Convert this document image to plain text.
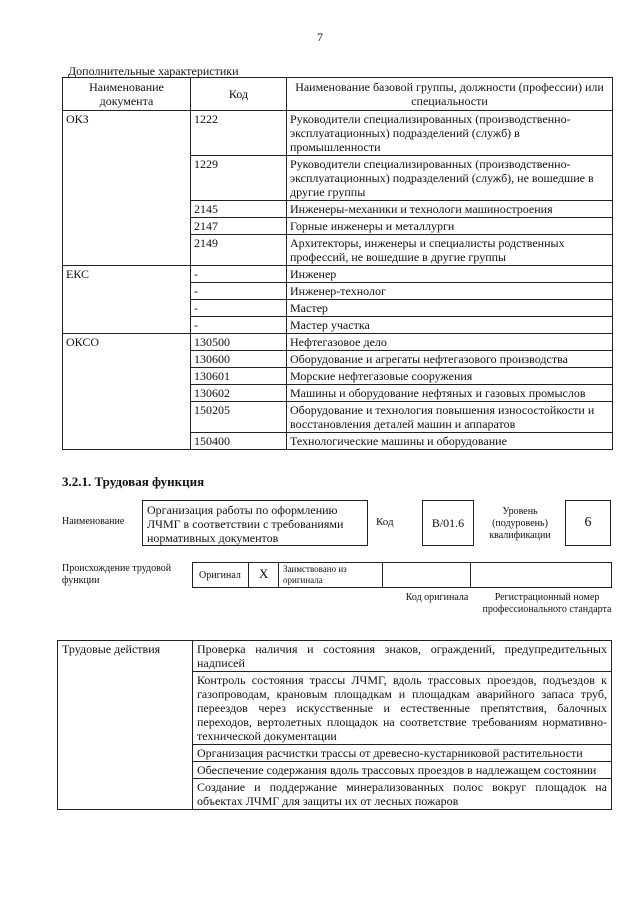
7
Дополнительные характеристики
Наименование документа	Код	Наименование базовой группы, должности (профессии) или специальности
ОКЗ	1222	Руководители специализированных (производственно-эксплуатационных) подразделений (служб) в промышленности
	1229	Руководители специализированных (производственно-эксплуатационных) подразделений (служб), не вошедшие в другие группы
	2145	Инженеры-механики и технологи машиностроения
	2147	Горные инженеры и металлурги
	2149	Архитекторы, инженеры и специалисты родственных профессий, не вошедшие в другие группы
ЕКС	-	Инженер
	-	Инженер-технолог
	-	Мастер
	-	Мастер участка
ОКСО	130500	Нефтегазовое дело
	130600	Оборудование и агрегаты нефтегазового производства
	130601	Морские нефтегазовые сооружения
	130602	Машины и оборудование нефтяных и газовых промыслов
	150205	Оборудование и технология повышения износостойкости и восстановления деталей машин и аппаратов
	150400	Технологические машины и оборудование
3.2.1. Трудовая функция
Наименование
Организация работы по оформлению ЛЧМГ в соответствии с требованиями нормативных документов
Код	B/01.6
Уровень (подуровень) квалификации
6
Происхождение трудовой функции	Оригинал X Заимствовано из оригинала
Код оригинала	Регистрационный номер профессионального стандарта
Трудовые действия	Проверка наличия и состояния знаков, ограждений, предупредительных надписей
Контроль состояния трассы ЛЧМГ, вдоль трассовых проездов, подъездов к газопроводам, крановым площадкам и площадкам аварийного запаса труб, переездов через искусственные и естественные препятствия, балочных переходов, вертолетных площадок на соответствие требованиям нормативно-технической документации
Организация расчистки трассы от древесно-кустарниковой растительности
Обеспечение содержания вдоль трассовых проездов в надлежащем состоянии
Создание и поддержание минерализованных полос вокруг площадок на объектах ЛЧМГ для защиты их от лесных пожаров
